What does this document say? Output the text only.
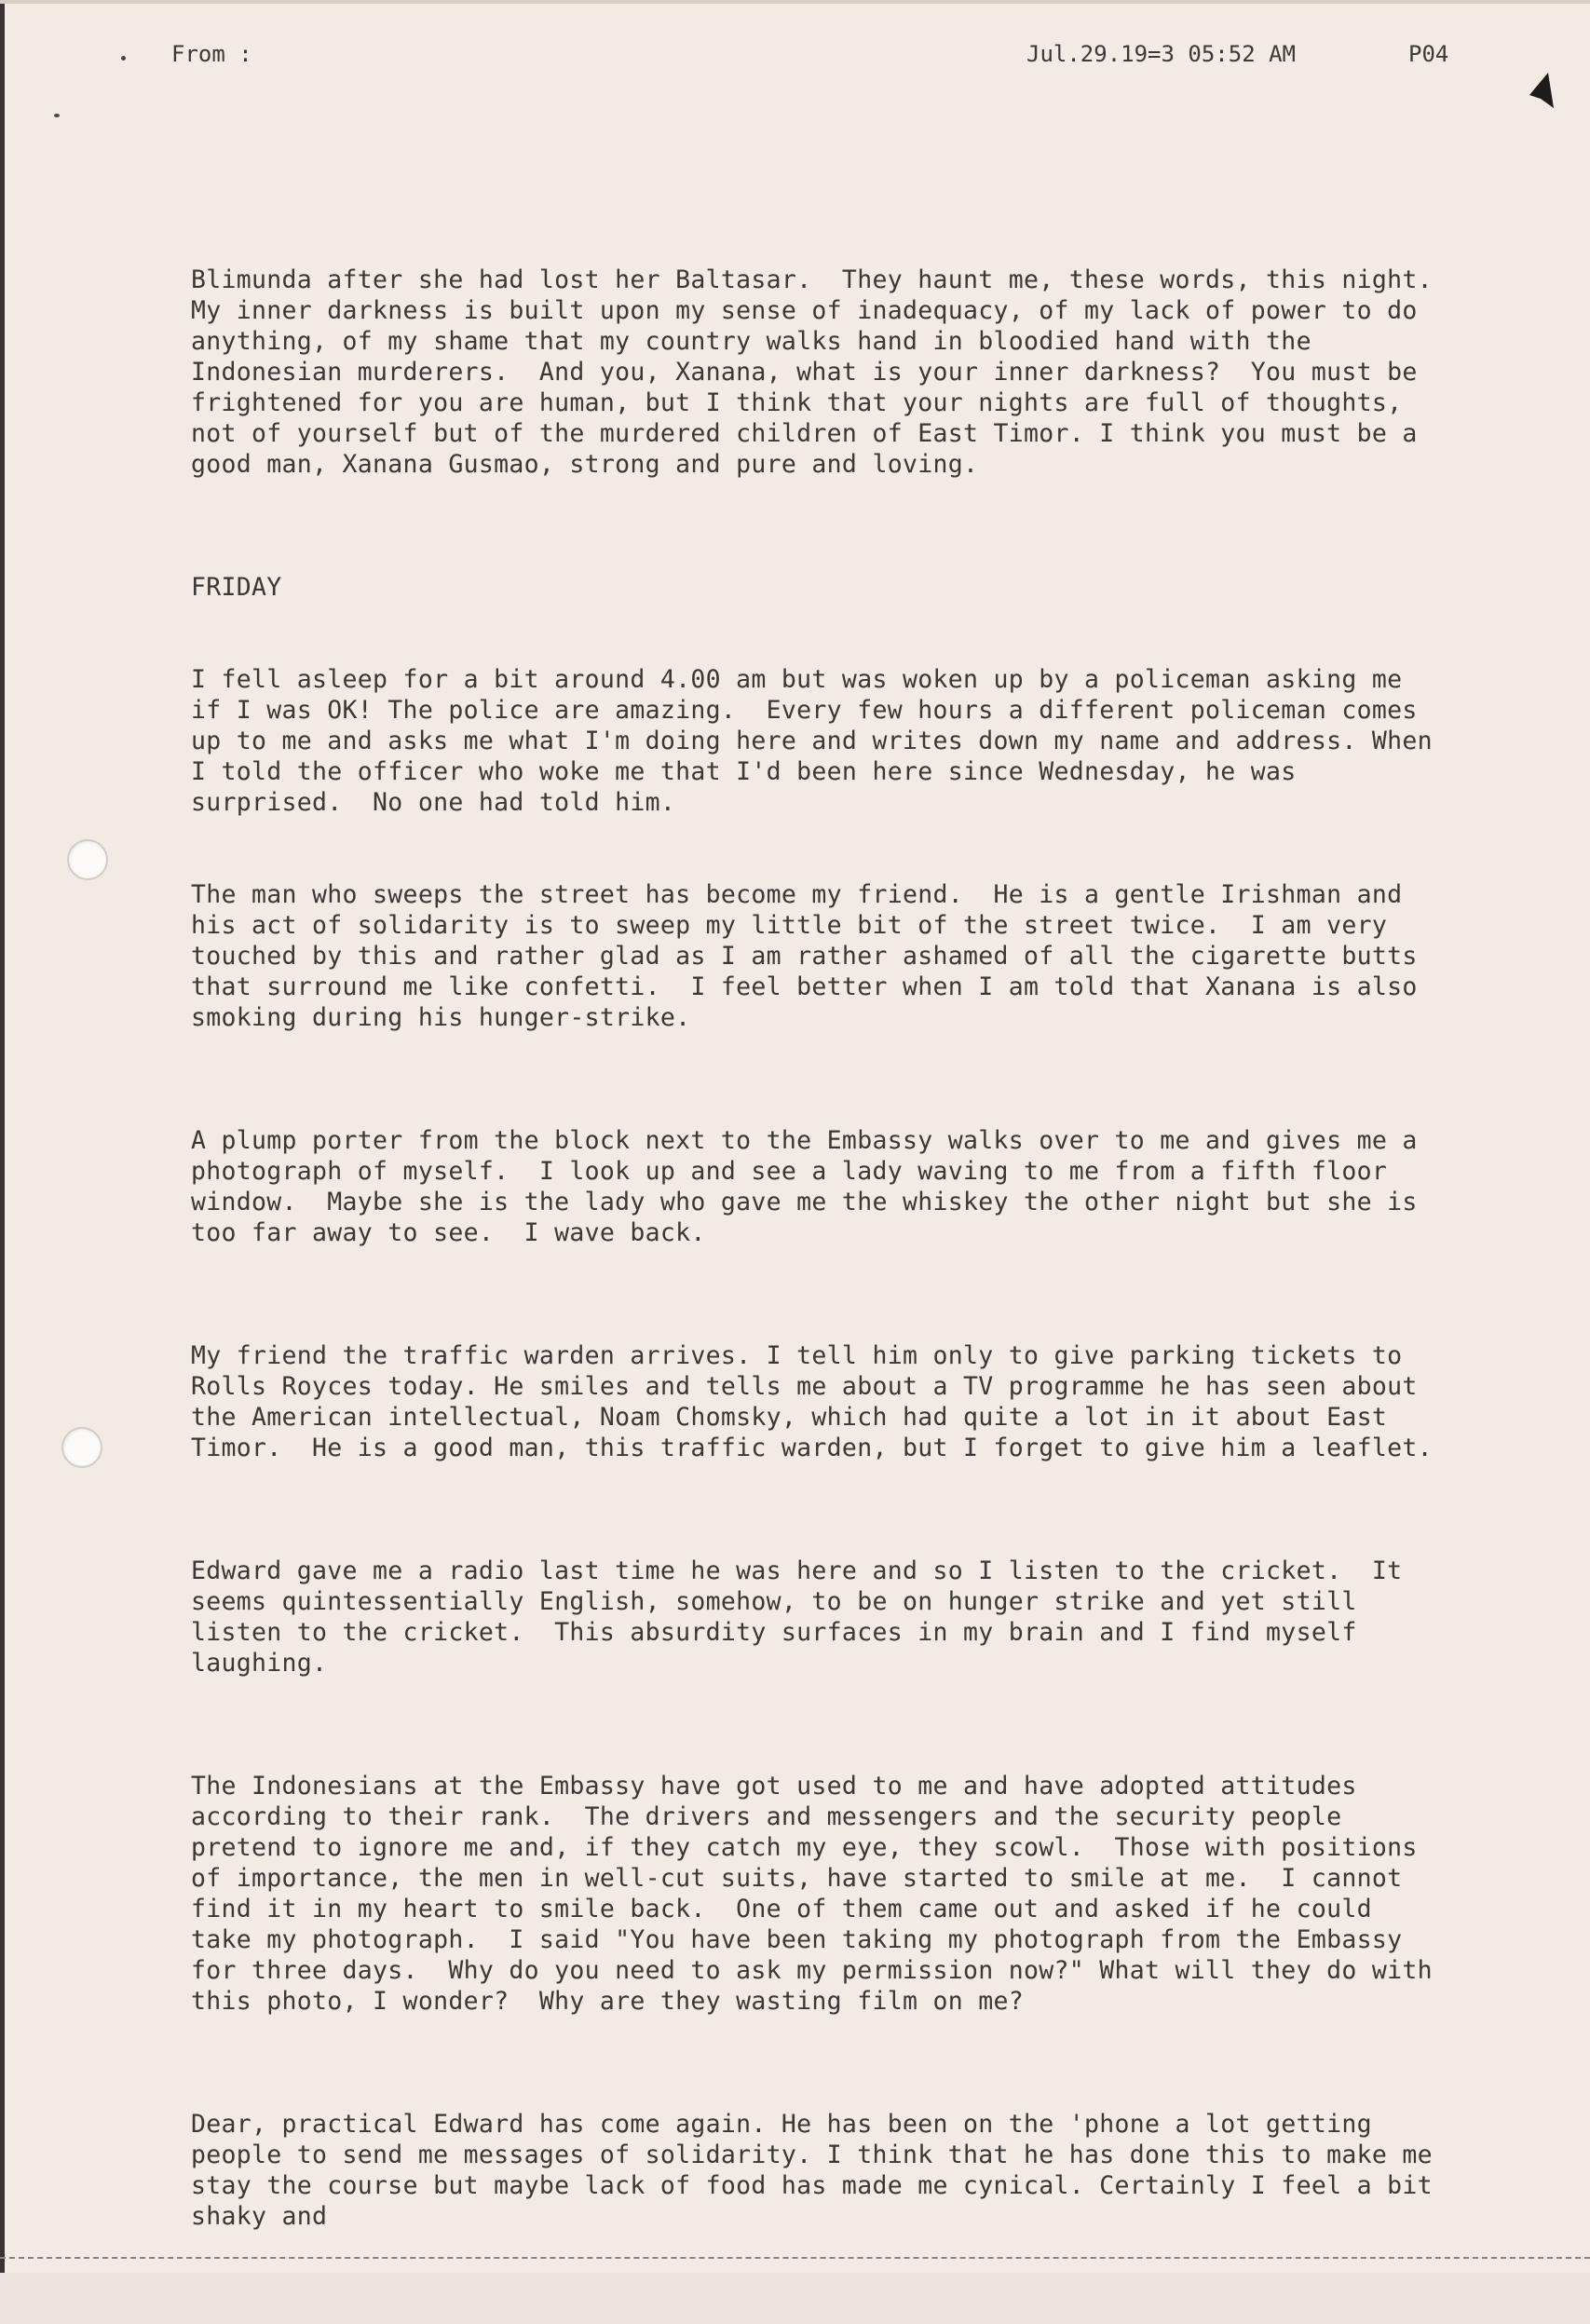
From :	Jul.29.19=3 05:52 AM	P04

Blimunda after she had lost her Baltasar.  They haunt me, these words, this night.  My inner darkness is built upon my sense of inadequacy, of my lack of power to do anything, of my shame that my country walks hand in bloodied hand with the Indonesian murderers.  And you, Xanana, what is your inner darkness?  You must be frightened for you are human, but I think that your nights are full of thoughts, not of yourself but of the murdered children of East Timor. I think you must be a good man, Xanana Gusmao, strong and pure and loving.

FRIDAY

I fell asleep for a bit around 4.00 am but was woken up by a policeman asking me if I was OK! The police are amazing.  Every few hours a different policeman comes up to me and asks me what I'm doing here and writes down my name and address. When I told the officer who woke me that I'd been here since Wednesday, he was surprised.  No one had told him.

The man who sweeps the street has become my friend.  He is a gentle Irishman and his act of solidarity is to sweep my little bit of the street twice.  I am very touched by this and rather glad as I am rather ashamed of all the cigarette butts that surround me like confetti.  I feel better when I am told that Xanana is also smoking during his hunger-strike.

A plump porter from the block next to the Embassy walks over to me and gives me a photograph of myself.  I look up and see a lady waving to me from a fifth floor window.  Maybe she is the lady who gave me the whiskey the other night but she is too far away to see.  I wave back.

My friend the traffic warden arrives. I tell him only to give parking tickets to Rolls Royces today. He smiles and tells me about a TV programme he has seen about the American intellectual, Noam Chomsky, which had quite a lot in it about East Timor.  He is a good man, this traffic warden, but I forget to give him a leaflet.

Edward gave me a radio last time he was here and so I listen to the cricket.  It seems quintessentially English, somehow, to be on hunger strike and yet still listen to the cricket.  This absurdity surfaces in my brain and I find myself laughing.

The Indonesians at the Embassy have got used to me and have adopted attitudes according to their rank.  The drivers and messengers and the security people pretend to ignore me and, if they catch my eye, they scowl.  Those with positions of importance, the men in well-cut suits, have started to smile at me.  I cannot find it in my heart to smile back.  One of them came out and asked if he could take my photograph.  I said "You have been taking my photograph from the Embassy for three days.  Why do you need to ask my permission now?" What will they do with this photo, I wonder?  Why are they wasting film on me?

Dear, practical Edward has come again. He has been on the 'phone a lot getting people to send me messages of solidarity. I think that he has done this to make me stay the course but maybe lack of food has made me cynical. Certainly I feel a bit shaky and
